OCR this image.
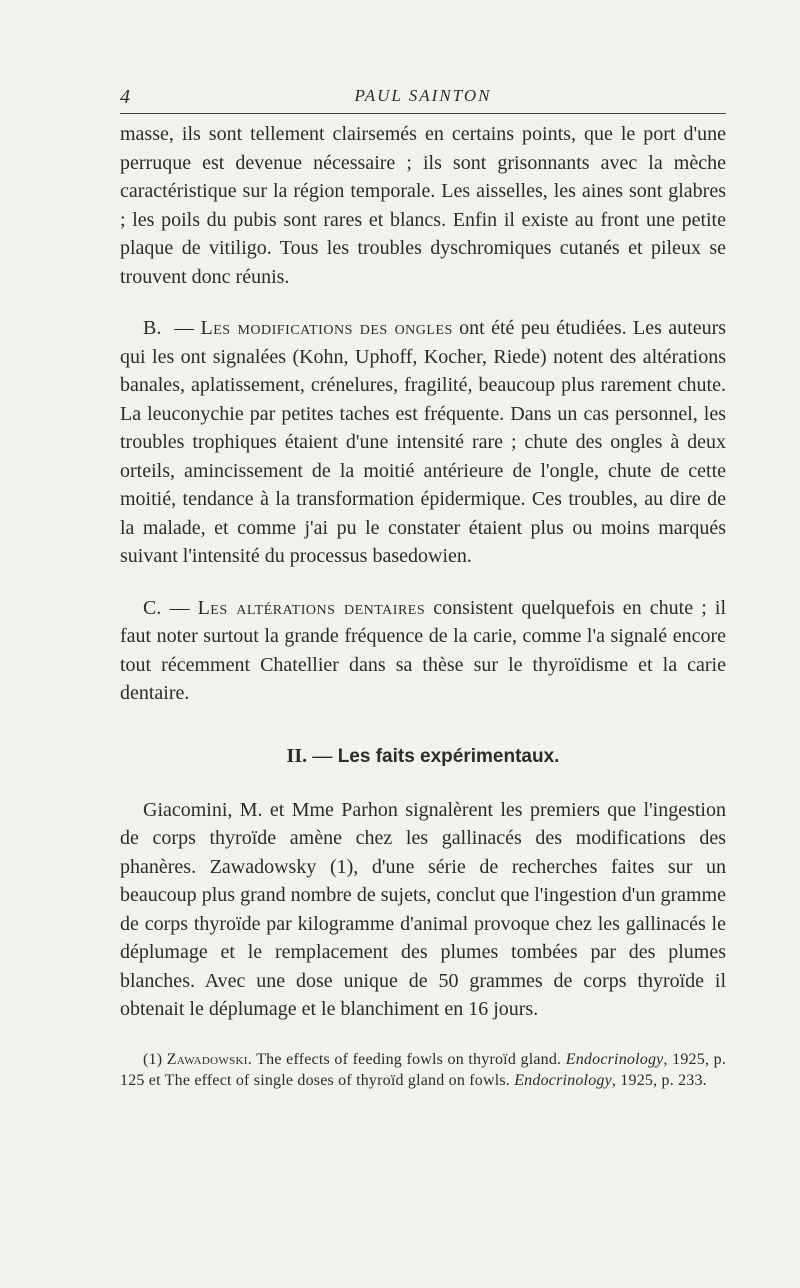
4	PAUL SAINTON

masse, ils sont tellement clairsemés en certains points, que le port d'une perruque est devenue nécessaire ; ils sont grisonnants avec la mèche caractéristique sur la région temporale. Les aisselles, les aines sont glabres ; les poils du pubis sont rares et blancs. Enfin il existe au front une petite plaque de vitiligo. Tous les troubles dyschromiques cutanés et pileux se trouvent donc réunis.

B. — Les modifications des ongles ont été peu étudiées. Les auteurs qui les ont signalées (Kohn, Uphoff, Kocher, Riede) notent des altérations banales, aplatissement, crénelures, fragilité, beaucoup plus rarement chute. La leuconychie par petites taches est fréquente. Dans un cas personnel, les troubles trophiques étaient d'une intensité rare ; chute des ongles à deux orteils, amincissement de la moitié antérieure de l'ongle, chute de cette moitié, tendance à la transformation épidermique. Ces troubles, au dire de la malade, et comme j'ai pu le constater étaient plus ou moins marqués suivant l'intensité du processus basedowien.

C. — Les altérations dentaires consistent quelquefois en chute ; il faut noter surtout la grande fréquence de la carie, comme l'a signalé encore tout récemment Chatellier dans sa thèse sur le thyroïdisme et la carie dentaire.

II. — Les faits expérimentaux.

Giacomini, M. et Mme Parhon signalèrent les premiers que l'ingestion de corps thyroïde amène chez les gallinacés des modifications des phanères. Zawadowsky (1), d'une série de recherches faites sur un beaucoup plus grand nombre de sujets, conclut que l'ingestion d'un gramme de corps thyroïde par kilogramme d'animal provoque chez les gallinacés le déplumage et le remplacement des plumes tombées par des plumes blanches. Avec une dose unique de 50 grammes de corps thyroïde il obtenait le déplumage et le blanchiment en 16 jours.

(1) Zawadowski. The effects of feeding fowls on thyroïd gland. Endocrinology, 1925, p. 125 et The effect of single doses of thyroïd gland on fowls. Endocrinology, 1925, p. 233.
